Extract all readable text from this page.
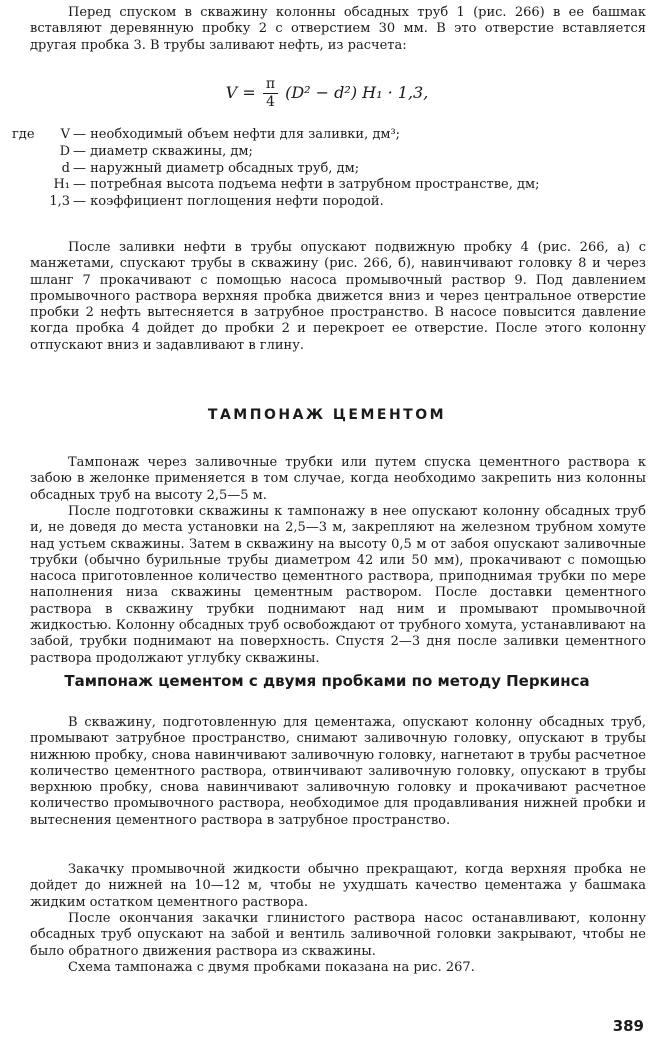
Перед спуском в скважину колонны обсадных труб 1 (рис. 266) в ее башмак вставляют деревянную пробку 2 с отверстием 30 мм. В это отверстие вставляется другая пробка 3. В трубы заливают нефть, из расчета:

$V = \frac{\pi}{4} (D^2 - d^2) H_1 \cdot 1,3$,
где	V — необходимый объем нефти для заливки, дм³;
D — диаметр скважины, дм;
d — наружный диаметр обсадных труб, дм;
H₁ — потребная высота подъема нефти в затрубном пространстве, дм;
1,3 — коэффициент поглощения нефти породой.

После заливки нефти в трубы опускают подвижную пробку 4 (рис. 266, а) с манжетами, спускают трубы в скважину (рис. 266, б), навинчивают головку 8 и через шланг 7 прокачивают с помощью насоса промывочный раствор 9. Под давлением промывочного раствора верхняя пробка движется вниз и через центральное отверстие пробки 2 нефть вытесняется в затрубное пространство. В насосе повысится давление когда пробка 4 дойдет до пробки 2 и перекроет ее отверстие. После этого колонну отпускают вниз и задавливают в глину.

ТАМПОНАЖ ЦЕМЕНТОМ

Тампонаж через заливочные трубки или путем спуска цементного раствора к забою в желонке применяется в том случае, когда необходимо закрепить низ колонны обсадных труб на высоту 2,5—5 м.

После подготовки скважины к тампонажу в нее опускают колонну обсадных труб и, не доведя до места установки на 2,5—3 м, закрепляют на железном трубном хомуте над устьем скважины. Затем в скважину на высоту 0,5 м от забоя опускают заливочные трубки (обычно бурильные трубы диаметром 42 или 50 мм), прокачивают с помощью насоса приготовленное количество цементного раствора, приподнимая трубки по мере наполнения низа скважины цементным раствором. После доставки цементного раствора в скважину трубки поднимают над ним и промывают промывочной жидкостью. Колонну обсадных труб освобождают от трубного хомута, устанавливают на забой, трубки поднимают на поверхность. Спустя 2—3 дня после заливки цементного раствора продолжают углубку скважины.

Тампонаж цементом с двумя пробками по методу Перкинса

В скважину, подготовленную для цементажа, опускают колонну обсадных труб, промывают затрубное пространство, снимают заливочную головку, опускают в трубы нижнюю пробку, снова навинчивают заливочную головку, нагнетают в трубы расчетное количество цементного раствора, отвинчивают заливочную головку, опускают в трубы верхнюю пробку, снова навинчивают заливочную головку и прокачивают расчетное количество промывочного раствора, необходимое для продавливания нижней пробки и вытеснения цементного раствора в затрубное пространство.

Закачку промывочной жидкости обычно прекращают, когда верхняя пробка не дойдет до нижней на 10—12 м, чтобы не ухудшать качество цементажа у башмака жидким остатком цементного раствора.

После окончания закачки глинистого раствора насос останавливают, колонну обсадных труб опускают на забой и вентиль заливочной головки закрывают, чтобы не было обратного движения раствора из скважины.

Схема тампонажа с двумя пробками показана на рис. 267.

389
